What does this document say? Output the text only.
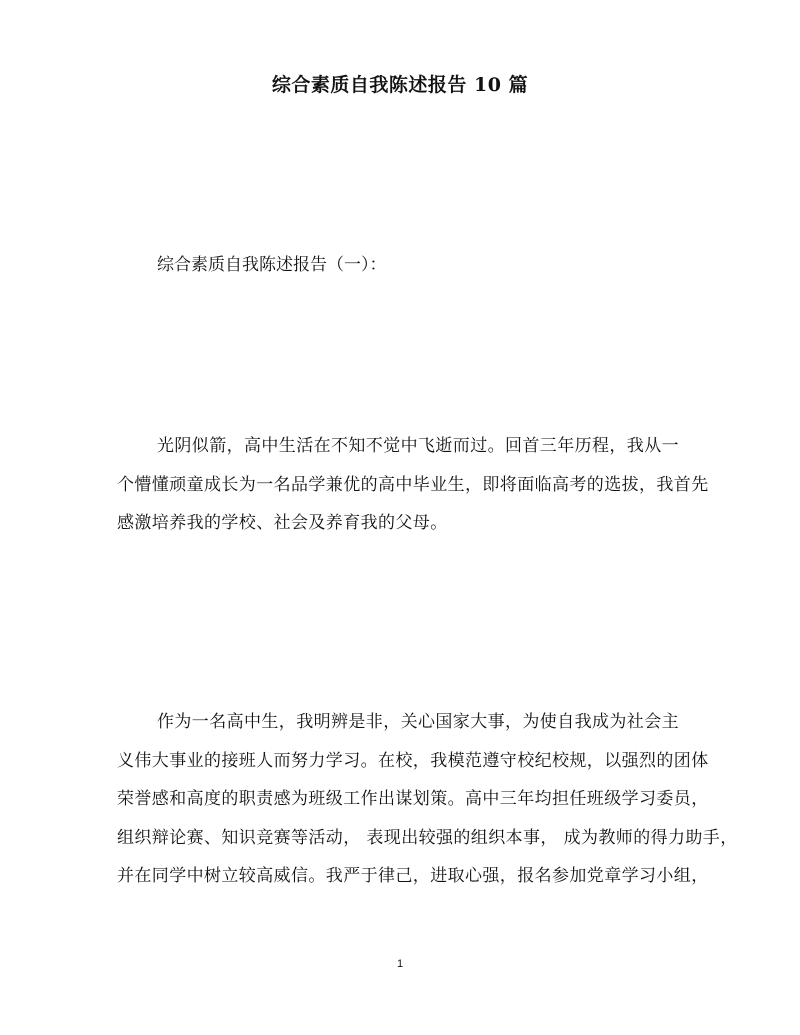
综合素质自我陈述报告 10 篇
综合素质自我陈述报告（一）：
光阴似箭，高中生活在不知不觉中飞逝而过。回首三年历程，我从一
个懵懂顽童成长为一名品学兼优的高中毕业生，即将面临高考的选拔，我首先
感激培养我的学校、社会及养育我的父母。
作为一名高中生，我明辨是非，关心国家大事，为使自我成为社会主
义伟大事业的接班人而努力学习。在校，我模范遵守校纪校规，以强烈的团体
荣誉感和高度的职责感为班级工作出谋划策。高中三年均担任班级学习委员，
组织辩论赛、知识竞赛等活动， 表现出较强的组织本事， 成为教师的得力助手，
并在同学中树立较高威信。我严于律己，进取心强，报名参加党章学习小组，
1
